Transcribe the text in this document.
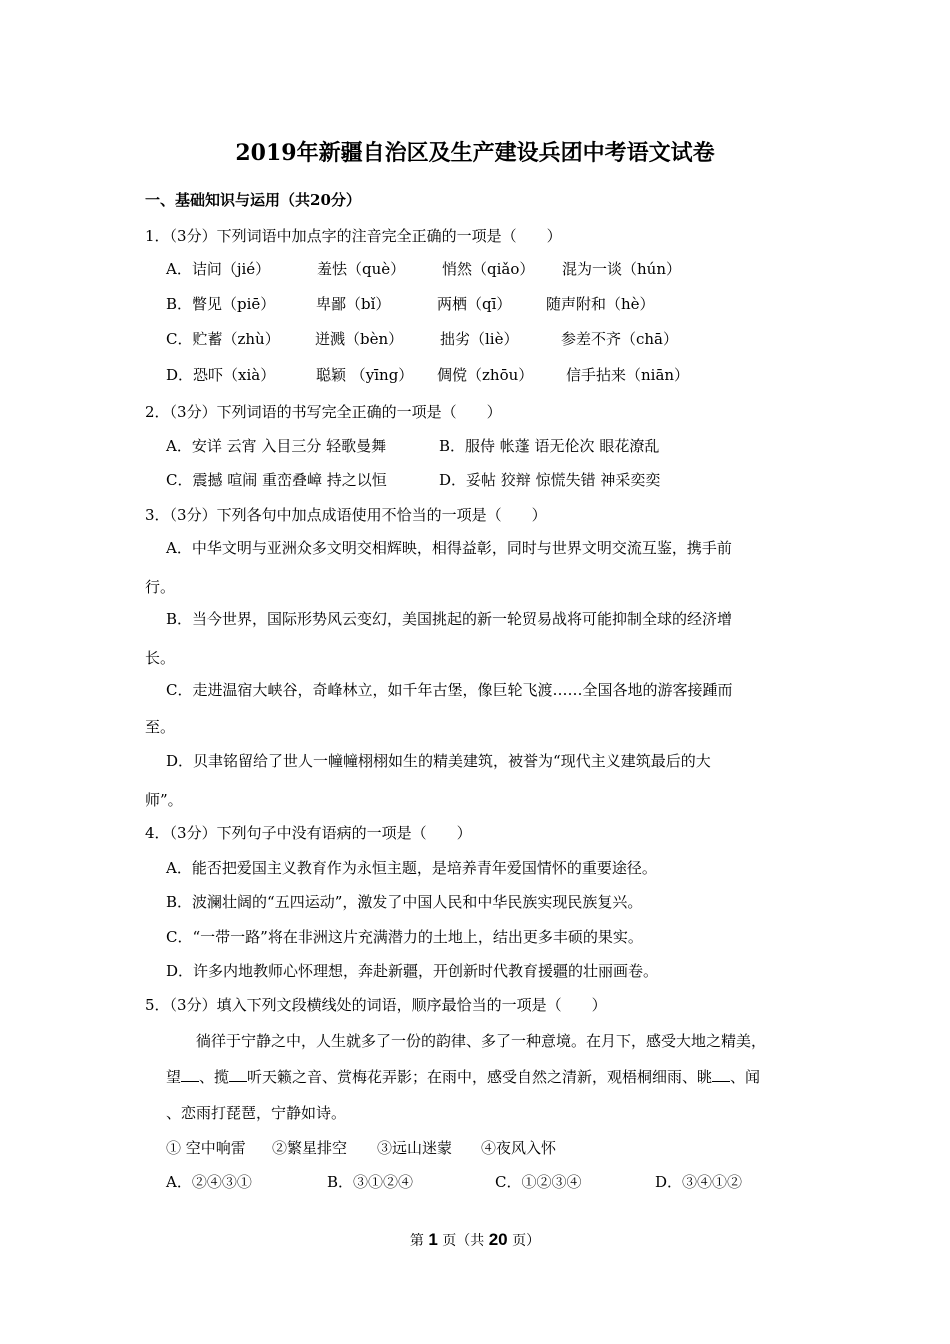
2019年新疆自治区及生产建设兵团中考语文试卷
一、基础知识与运用（共20分）
1．（3分）下列词语中加点字的注音完全正确的一项是（　　）
A．诘问（jié）	羞怯（què） 悄然（qiǎo） 混为一谈（hún）
B．瞥见（piē）	卑鄙（bǐ）	两栖（qī） 随声附和（hè）
C．贮蓄（zhù） 迸溅（bèn） 拙劣（liè）	参差不齐（chā）
D．恐吓（xià）	聪颖 （yīng） 倜傥（zhōu） 信手拈来（niān）
2．（3分）下列词语的书写完全正确的一项是（　　）
A．安详 云宵 入目三分 轻歌曼舞	B．服侍 帐蓬 语无伦次 眼花潦乱
C．震撼 喧闹 重峦叠嶂 持之以恒	D．妥帖 狡辩 惊慌失错 神采奕奕
3．（3分）下列各句中加点成语使用不恰当的一项是（　　）
A．中华文明与亚洲众多文明交相辉映，相得益彰，同时与世界文明交流互鉴，携手前
行。
B．当今世界，国际形势风云变幻，美国挑起的新一轮贸易战将可能抑制全球的经济增
长。
C．走进温宿大峡谷，奇峰林立，如千年古堡，像巨轮飞渡……全国各地的游客接踵而
至。
D．贝聿铭留给了世人一幢幢栩栩如生的精美建筑，被誉为“现代主义建筑最后的大
师”。
4．（3分）下列句子中没有语病的一项是（　　）
A．能否把爱国主义教育作为永恒主题，是培养青年爱国情怀的重要途径。
B．波澜壮阔的“五四运动”，激发了中国人民和中华民族实现民族复兴。
C．“一带一路”将在非洲这片充满潜力的土地上，结出更多丰硕的果实。
D．许多内地教师心怀理想，奔赴新疆，开创新时代教育援疆的壮丽画卷。
5．（3分）填入下列文段横线处的词语，顺序最恰当的一项是（　　）
徜徉于宁静之中，人生就多了一份的韵律、多了一种意境。在月下，感受大地之精美，
望 、揽 听天籁之音、赏梅花弄影；在雨中，感受自然之清新，观梧桐细雨、眺 、闻
、恋雨打琵琶，宁静如诗。
① 空中响雷 ②繁星排空 ③远山迷蒙 ④夜风入怀
A．②④③①	B．③①②④	C．①②③④	D．③④①②
第 1 页（共 20 页）
